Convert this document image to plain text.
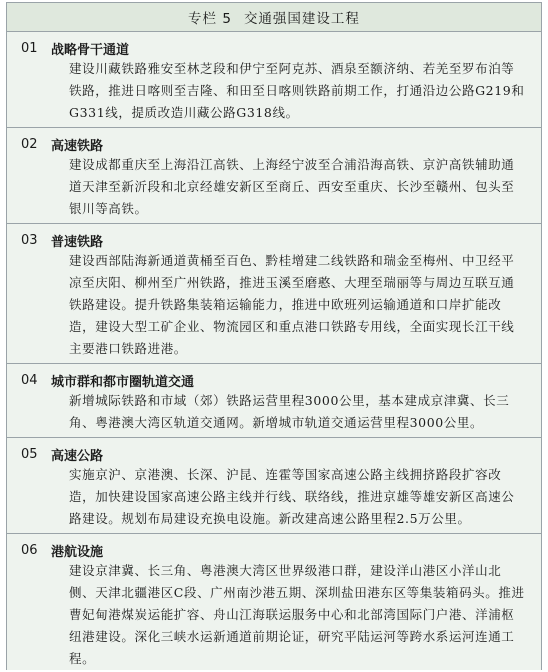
专栏 5 交通强国建设工程
01	战略骨干通道
建设川藏铁路雅安至林芝段和伊宁至阿克苏、酒泉至额济纳、若羌至罗布泊等铁路，推进日喀则至吉隆、和田至日喀则铁路前期工作，打通沿边公路G219和G331线，提质改造川藏公路G318线。
02	高速铁路
建设成都重庆至上海沿江高铁、上海经宁波至合浦沿海高铁、京沪高铁辅助通道天津至新沂段和北京经雄安新区至商丘、西安至重庆、长沙至赣州、包头至银川等高铁。
03	普速铁路
建设西部陆海新通道黄桶至百色、黔桂增建二线铁路和瑞金至梅州、中卫经平凉至庆阳、柳州至广州铁路，推进玉溪至磨憨、大理至瑞丽等与周边互联互通铁路建设。提升铁路集装箱运输能力，推进中欧班列运输通道和口岸扩能改造，建设大型工矿企业、物流园区和重点港口铁路专用线，全面实现长江干线主要港口铁路进港。
04	城市群和都市圈轨道交通
新增城际铁路和市域（郊）铁路运营里程3000公里，基本建成京津冀、长三角、粤港澳大湾区轨道交通网。新增城市轨道交通运营里程3000公里。
05	高速公路
实施京沪、京港澳、长深、沪昆、连霍等国家高速公路主线拥挤路段扩容改造，加快建设国家高速公路主线并行线、联络线，推进京雄等雄安新区高速公路建设。规划布局建设充换电设施。新改建高速公路里程2.5万公里。
06	港航设施
建设京津冀、长三角、粤港澳大湾区世界级港口群，建设洋山港区小洋山北侧、天津北疆港区C段、广州南沙港五期、深圳盐田港东区等集装箱码头。推进曹妃甸港煤炭运能扩容、舟山江海联运服务中心和北部湾国际门户港、洋浦枢纽港建设。深化三峡水运新通道前期论证，研究平陆运河等跨水系运河连通工程。
